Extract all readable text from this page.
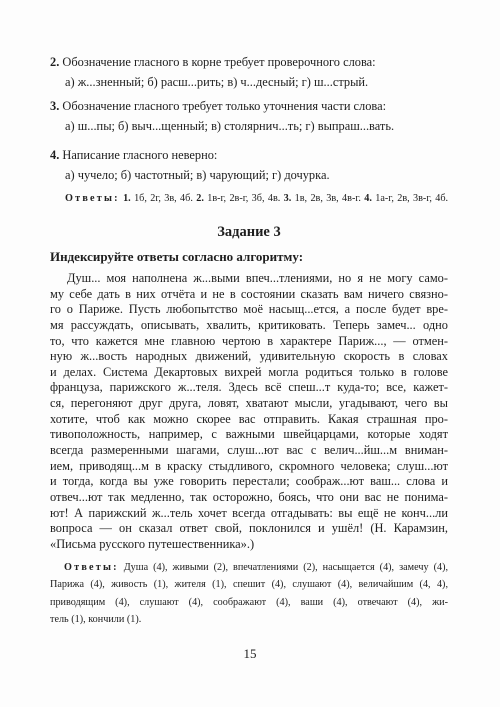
2. Обозначение гласного в корне требует проверочного слова:
а) ж...зненный; б) расш...рить; в) ч...десный; г) ш...стрый.
3. Обозначение гласного требует только уточнения части слова:
а) ш...пы; б) выч...щенный; в) столярнич...ть; г) выпраш...вать.
4. Написание гласного неверно:
а) чучело; б) частотный; в) чарующий; г) дочурка.
Ответы: 1. 1б, 2г, 3в, 4б. 2. 1в-г, 2в-г, 3б, 4в. 3. 1в, 2в, 3в, 4в-г. 4. 1а-г, 2в, 3в-г, 4б.
Задание 3
Индексируйте ответы согласно алгоритму:
Душ... моя наполнена ж...выми впеч...тлениями, но я не могу само-
му себе дать в них отчёта и не в состоянии сказать вам ничего связно-
го о Париже. Пусть любопытство моё насыщ...ется, а после будет вре-
мя рассуждать, описывать, хвалить, критиковать. Теперь замеч... одно
то, что кажется мне главною чертою в характере Париж..., — отмен-
ную ж...вость народных движений, удивительную скорость в словах
и делах. Система Декартовых вихрей могла родиться только в голове
француза, парижского ж...теля. Здесь всё спеш...т куда-то; все, кажет-
ся, перегоняют друг друга, ловят, хватают мысли, угадывают, чего вы
хотите, чтоб как можно скорее вас отправить. Какая страшная про-
тивоположность, например, с важными швейцарцами, которые ходят
всегда размеренными шагами, слуш...ют вас с велич...йш...м вниман-
ием, приводящ...м в краску стыдливого, скромного человека; слуш...ют
и тогда, когда вы уже говорить перестали; соображ...ют ваш... слова и
отвеч...ют так медленно, так осторожно, боясь, что они вас не понима-
ют! А парижский ж...тель хочет всегда отгадывать: вы ещё не конч...ли
вопроса — он сказал ответ свой, поклонился и ушёл! (Н. Карамзин,
«Письма русского путешественника».)
Ответы: Душа (4), живыми (2), впечатлениями (2), насыщается (4), замечу (4),
Парижа (4), живость (1), жителя (1), спешит (4), слушают (4), величайшим (4, 4),
приводящим (4), слушают (4), соображают (4), ваши (4), отвечают (4), жи-
тель (1), кончили (1).
15
